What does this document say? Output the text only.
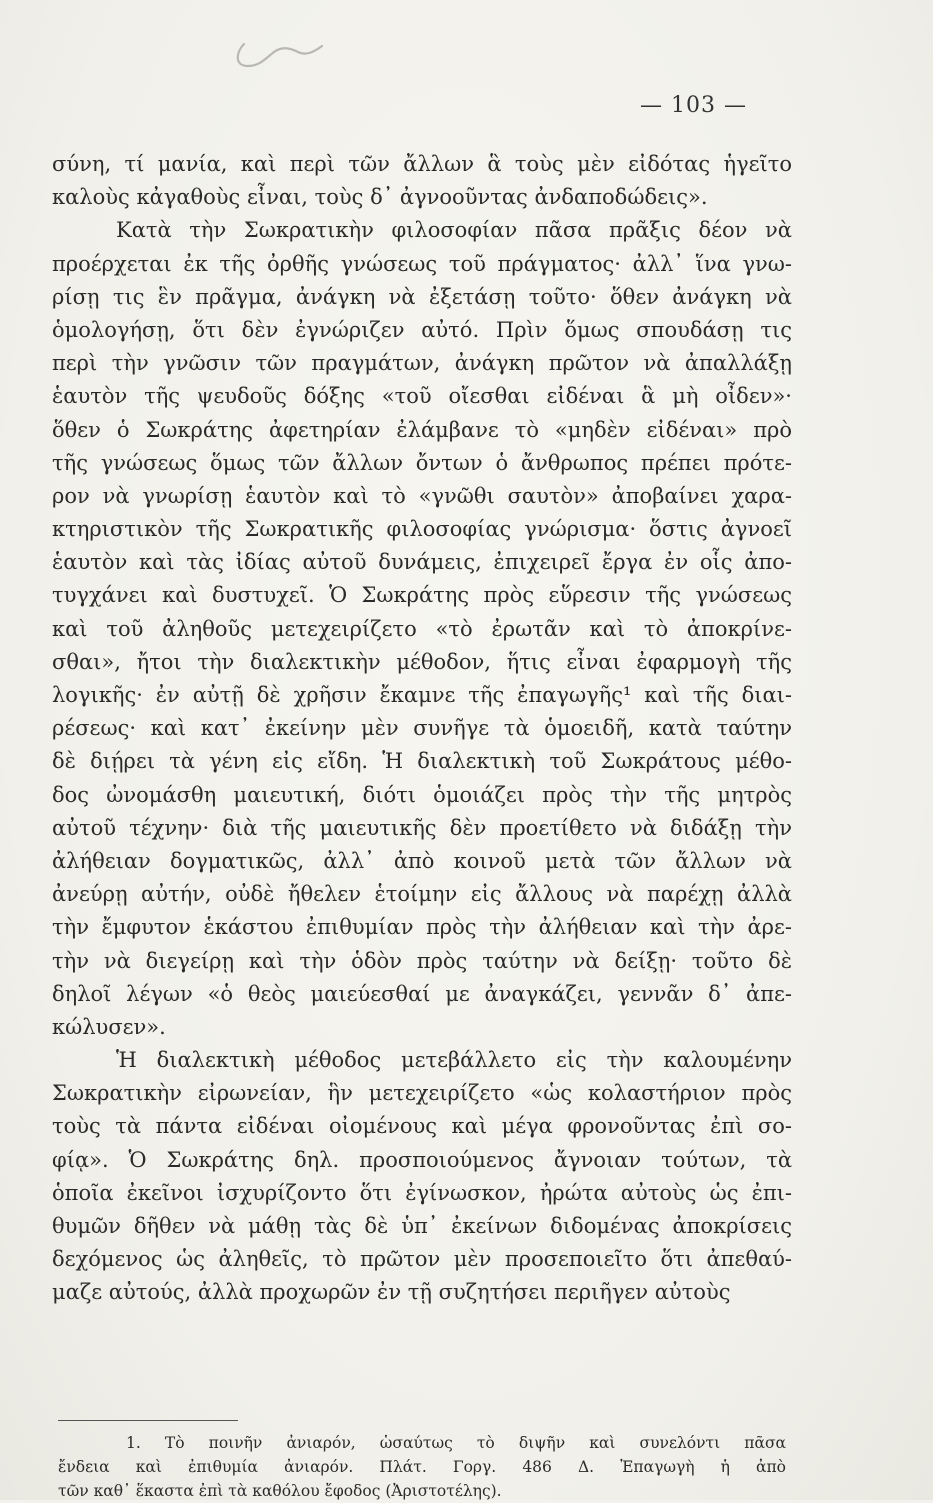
— 103 —
σύνη, τί μανία, καὶ περὶ τῶν ἄλλων ἃ τοὺς μὲν εἰδότας ἡγεῖτο
καλοὺς κἀγαθοὺς εἶναι, τοὺς δ᾽ ἀγνοοῦντας ἀνδαποδώδεις».
Κατὰ τὴν Σωκρατικὴν φιλοσοφίαν πᾶσα πρᾶξις δέον νὰ
προέρχεται ἐκ τῆς ὀρθῆς γνώσεως τοῦ πράγματος· ἀλλ᾽ ἵνα γνω-
ρίσῃ τις ἓν πρᾶγμα, ἀνάγκη νὰ ἐξετάσῃ τοῦτο· ὅθεν ἀνάγκη νὰ
ὁμολογήσῃ, ὅτι δὲν ἐγνώριζεν αὐτό. Πρὶν ὅμως σπουδάσῃ τις
περὶ τὴν γνῶσιν τῶν πραγμάτων, ἀνάγκη πρῶτον νὰ ἀπαλλάξῃ
ἑαυτὸν τῆς ψευδοῦς δόξης «τοῦ οἴεσθαι εἰδέναι ἃ μὴ οἶδεν»·
ὅθεν ὁ Σωκράτης ἀφετηρίαν ἐλάμβανε τὸ «μηδὲν εἰδέναι» πρὸ
τῆς γνώσεως ὅμως τῶν ἄλλων ὄντων ὁ ἄνθρωπος πρέπει πρότε-
ρον νὰ γνωρίσῃ ἑαυτὸν καὶ τὸ «γνῶθι σαυτὸν» ἀποβαίνει χαρα-
κτηριστικὸν τῆς Σωκρατικῆς φιλοσοφίας γνώρισμα· ὅστις ἀγνοεῖ
ἑαυτὸν καὶ τὰς ἰδίας αὐτοῦ δυνάμεις, ἐπιχειρεῖ ἔργα ἐν οἷς ἀπο-
τυγχάνει καὶ δυστυχεῖ. Ὁ Σωκράτης πρὸς εὕρεσιν τῆς γνώσεως
καὶ τοῦ ἀληθοῦς μετεχειρίζετο «τὸ ἐρωτᾶν καὶ τὸ ἀποκρίνε-
σθαι», ἤτοι τὴν διαλεκτικὴν μέθοδον, ἥτις εἶναι ἐφαρμογὴ τῆς
λογικῆς· ἐν αὐτῇ δὲ χρῆσιν ἔκαμνε τῆς ἐπαγωγῆς¹ καὶ τῆς διαι-
ρέσεως· καὶ κατ᾽ ἐκείνην μὲν συνῆγε τὰ ὁμοειδῆ, κατὰ ταύτην
δὲ διῄρει τὰ γένη εἰς εἴδη. Ἡ διαλεκτικὴ τοῦ Σωκράτους μέθο-
δος ὠνομάσθη μαιευτική, διότι ὁμοιάζει πρὸς τὴν τῆς μητρὸς
αὐτοῦ τέχνην· διὰ τῆς μαιευτικῆς δὲν προετίθετο νὰ διδάξῃ τὴν
ἀλήθειαν δογματικῶς, ἀλλ᾽ ἀπὸ κοινοῦ μετὰ τῶν ἄλλων νὰ
ἀνεύρῃ αὐτήν, οὐδὲ ἤθελεν ἑτοίμην εἰς ἄλλους νὰ παρέχῃ ἀλλὰ
τὴν ἔμφυτον ἑκάστου ἐπιθυμίαν πρὸς τὴν ἀλήθειαν καὶ τὴν ἀρε-
τὴν νὰ διεγείρῃ καὶ τὴν ὁδὸν πρὸς ταύτην νὰ δείξῃ· τοῦτο δὲ
δηλοῖ λέγων «ὁ θεὸς μαιεύεσθαί με ἀναγκάζει, γεννᾶν δ᾽ ἀπε-
κώλυσεν».
Ἡ διαλεκτικὴ μέθοδος μετεβάλλετο εἰς τὴν καλουμένην
Σωκρατικὴν εἰρωνείαν, ἣν μετεχειρίζετο «ὡς κολαστήριον πρὸς
τοὺς τὰ πάντα εἰδέναι οἰομένους καὶ μέγα φρονοῦντας ἐπὶ σο-
φίᾳ». Ὁ Σωκράτης δηλ. προσποιούμενος ἄγνοιαν τούτων, τὰ
ὁποῖα ἐκεῖνοι ἰσχυρίζοντο ὅτι ἐγίνωσκον, ἠρώτα αὐτοὺς ὡς ἐπι-
θυμῶν δῆθεν νὰ μάθῃ τὰς δὲ ὑπ᾽ ἐκείνων διδομένας ἀποκρίσεις
δεχόμενος ὡς ἀληθεῖς, τὸ πρῶτον μὲν προσεποιεῖτο ὅτι ἀπεθαύ-
μαζε αὐτούς, ἀλλὰ προχωρῶν ἐν τῇ συζητήσει περιῆγεν αὐτοὺς
1. Τὸ ποινῆν ἀνιαρόν, ὡσαύτως τὸ διψῆν καὶ συνελόντι πᾶσα
ἔνδεια καὶ ἐπιθυμία ἀνιαρόν. Πλάτ. Γοργ. 486 Δ. Ἐπαγωγὴ ἡ ἀπὸ
τῶν καθ᾽ ἕκαστα ἐπὶ τὰ καθόλου ἔφοδος (Ἀριστοτέλης).
